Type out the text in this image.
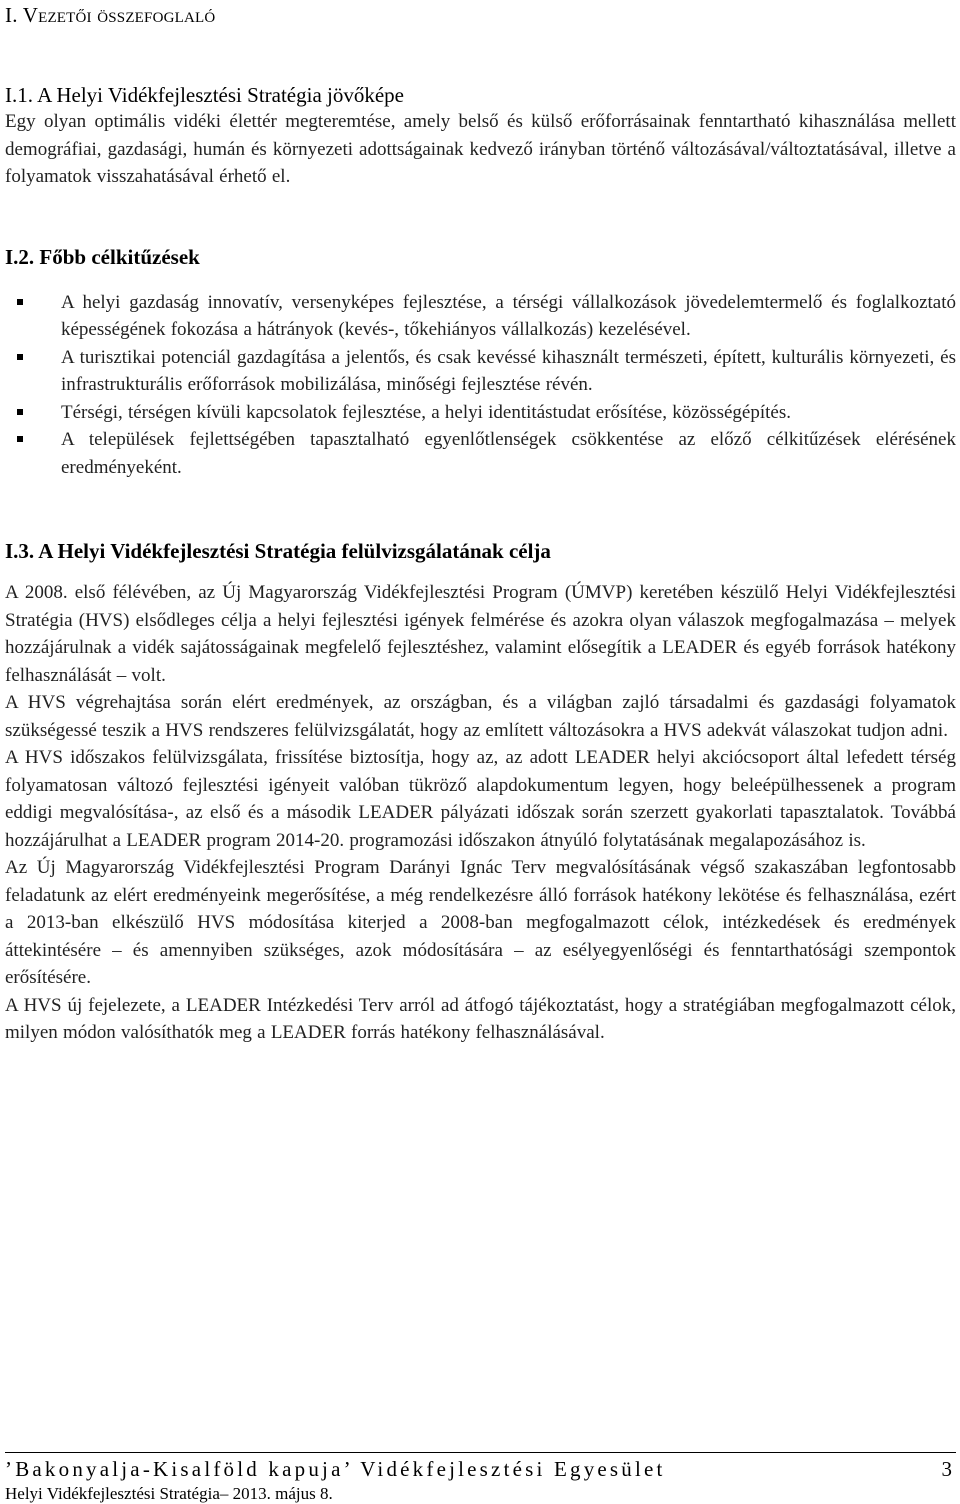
I. Vezetői összefoglaló
I.1. A Helyi Vidékfejlesztési Stratégia jövőképe

Egy olyan optimális vidéki élettér megteremtése, amely belső és külső erőforrásainak fenntartható kihasználása mellett demográfiai, gazdasági, humán és környezeti adottságainak kedvező irányban történő változásával/változtatásával, illetve a folyamatok visszahatásával érhető el.

I.2. Főbb célkitűzések
A helyi gazdaság innovatív, versenyképes fejlesztése, a térségi vállalkozások jövedelemtermelő és foglalkoztató képességének fokozása a hátrányok (kevés-, tőkehiányos vállalkozás) kezelésével.
A turisztikai potenciál gazdagítása a jelentős, és csak kevéssé kihasznált természeti, épített, kulturális környezeti, és infrastrukturális erőforrások mobilizálása, minőségi fejlesztése révén.
Térségi, térségen kívüli kapcsolatok fejlesztése, a helyi identitástudat erősítése, közösségépítés.
A települések fejlettségében tapasztalható egyenlőtlenségek csökkentése az előző célkitűzések elérésének eredményeként.
I.3. A Helyi Vidékfejlesztési Stratégia felülvizsgálatának célja

A 2008. első félévében, az Új Magyarország Vidékfejlesztési Program (ÚMVP) keretében készülő Helyi Vidékfejlesztési Stratégia (HVS) elsődleges célja a helyi fejlesztési igények felmérése és azokra olyan válaszok megfogalmazása – melyek hozzájárulnak a vidék sajátosságainak megfelelő fejlesztéshez, valamint elősegítik a LEADER és egyéb források hatékony felhasználását – volt.

A HVS végrehajtása során elért eredmények, az országban, és a világban zajló társadalmi és gazdasági folyamatok szükségessé teszik a HVS rendszeres felülvizsgálatát, hogy az említett változásokra a HVS adekvát válaszokat tudjon adni.

A HVS időszakos felülvizsgálata, frissítése biztosítja, hogy az, az adott LEADER helyi akciócsoport által lefedett térség folyamatosan változó fejlesztési igényeit valóban tükröző alapdokumentum legyen, hogy beleépülhessenek a program eddigi megvalósítása-, az első és a második LEADER pályázati időszak során szerzett gyakorlati tapasztalatok. Továbbá hozzájárulhat a LEADER program 2014-20. programozási időszakon átnyúló folytatásának megalapozásához is.

Az Új Magyarország Vidékfejlesztési Program Darányi Ignác Terv megvalósításának végső szakaszában legfontosabb feladatunk az elért eredményeink megerősítése, a még rendelkezésre álló források hatékony lekötése és felhasználása, ezért a 2013-ban elkészülő HVS módosítása kiterjed a 2008-ban megfogalmazott célok, intézkedések és eredmények áttekintésére – és amennyiben szükséges, azok módosítására – az esélyegyenlőségi és fenntarthatósági szempontok erősítésére.

A HVS új fejelezete, a LEADER Intézkedési Terv arról ad átfogó tájékoztatást, hogy a stratégiában megfogalmazott célok, milyen módon valósíthatók meg a LEADER forrás hatékony felhasználásával.

’Bakonyalja-Kisalföld kapuja’ Vidékfejlesztési Egyesület	3
Helyi Vidékfejlesztési Stratégia– 2013. május 8.
